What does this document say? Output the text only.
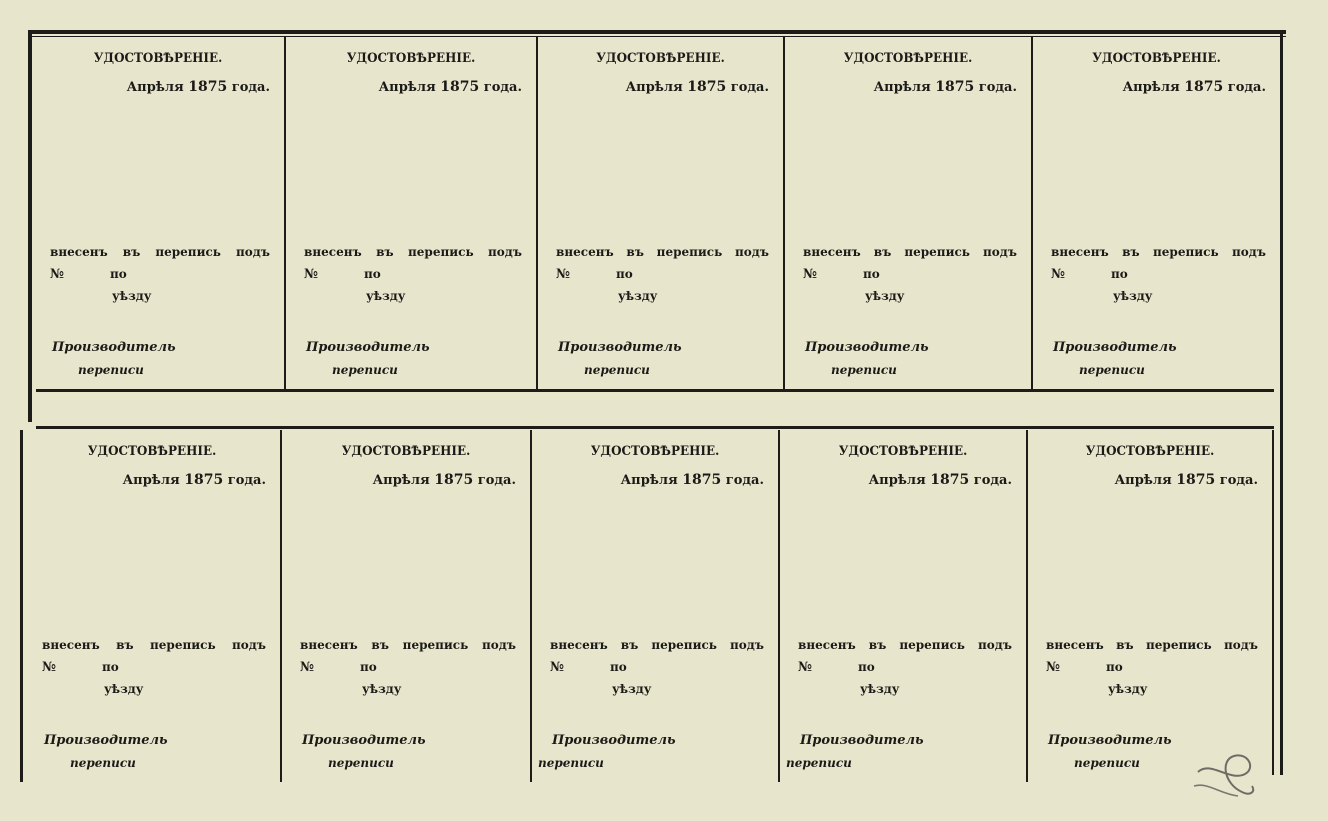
УДОСТОВѢРЕНІЕ.
Апрѣля 1875 года.
внесенъ въ перепись подъ
№	по
уѣзду
Производитель
переписи
УДОСТОВѢРЕНІЕ.
Апрѣля 1875 года.
внесенъ въ перепись подъ
№	по
уѣзду
Производитель
переписи
УДОСТОВѢРЕНІЕ.
Апрѣля 1875 года.
внесенъ въ перепись подъ
№	по
уѣзду
Производитель
переписи
УДОСТОВѢРЕНІЕ.
Апрѣля 1875 года.
внесенъ въ перепись подъ
№	по
уѣзду
Производитель
переписи
УДОСТОВѢРЕНІЕ.
Апрѣля 1875 года.
внесенъ въ перепись подъ
№	по
уѣзду
Производитель
переписи
УДОСТОВѢРЕНІЕ.
Апрѣля 1875 года.
внесенъ въ перепись подъ
№	по
уѣзду
Производитель
переписи
УДОСТОВѢРЕНІЕ.
Апрѣля 1875 года.
внесенъ въ перепись подъ
№	по
уѣзду
Производитель
переписи
УДОСТОВѢРЕНІЕ.
Апрѣля 1875 года.
внесенъ въ перепись подъ
№	по
уѣзду
Производитель
переписи
УДОСТОВѢРЕНІЕ.
Апрѣля 1875 года.
внесенъ въ перепись подъ
№	по
уѣзду
Производитель
переписи
УДОСТОВѢРЕНІЕ.
Апрѣля 1875 года.
внесенъ въ перепись подъ
№	по
уѣзду
Производитель
переписи
